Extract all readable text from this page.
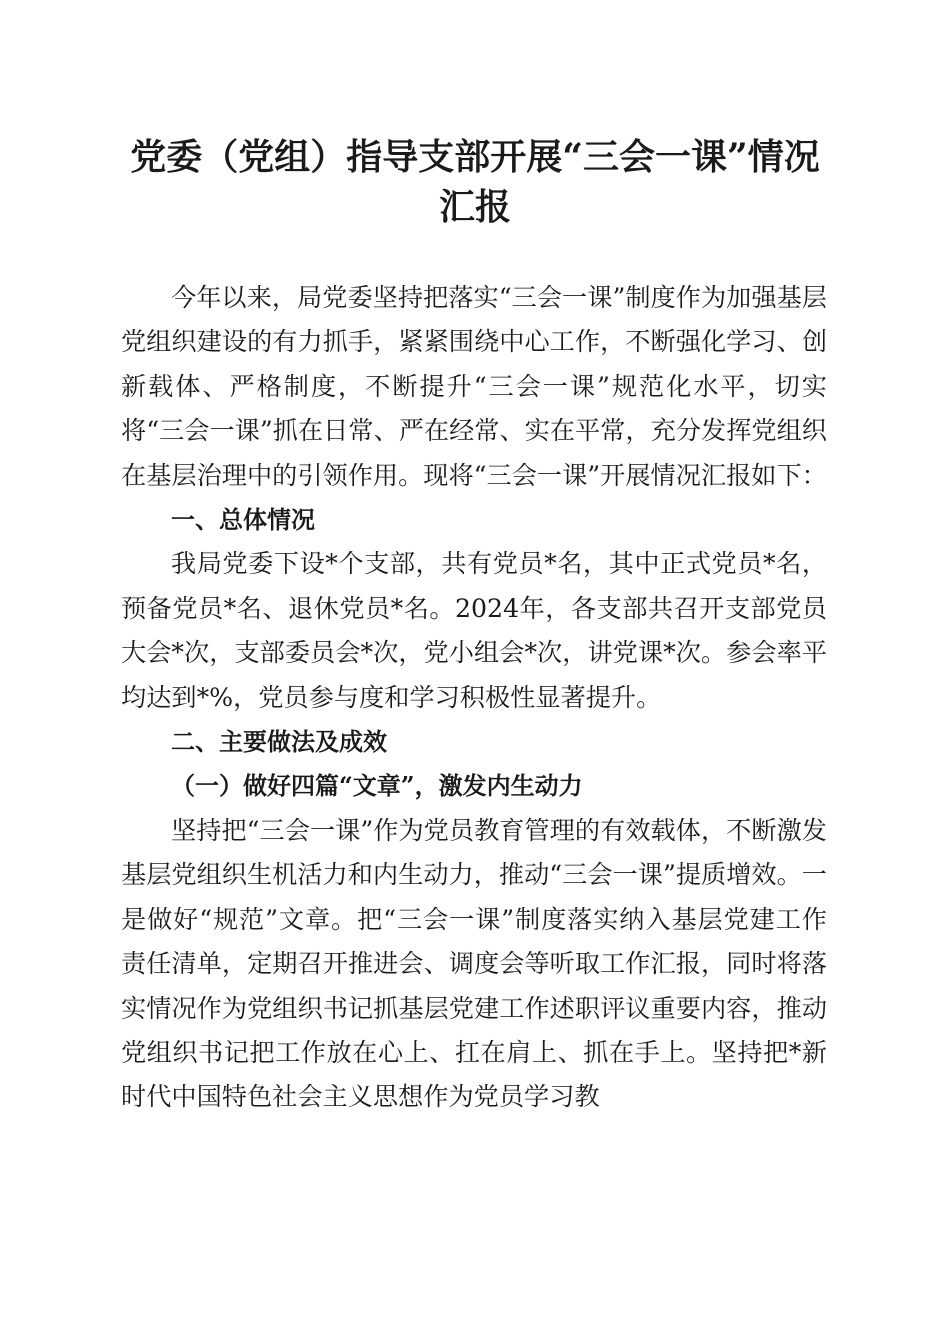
党委（党组）指导支部开展“三会一课”情况
汇报

今年以来，局党委坚持把落实“三会一课”制度作为加强基层党组织建设的有力抓手，紧紧围绕中心工作，不断强化学习、创新载体、严格制度，不断提升“三会一课”规范化水平，切实将“三会一课”抓在日常、严在经常、实在平常，充分发挥党组织在基层治理中的引领作用。现将“三会一课”开展情况汇报如下：

一、总体情况

我局党委下设*个支部，共有党员*名，其中正式党员*名，预备党员*名、退休党员*名。2024年，各支部共召开支部党员大会*次，支部委员会*次，党小组会*次，讲党课*次。参会率平均达到*%，党员参与度和学习积极性显著提升。

二、主要做法及成效

（一）做好四篇“文章”，激发内生动力

坚持把“三会一课”作为党员教育管理的有效载体，不断激发基层党组织生机活力和内生动力，推动“三会一课”提质增效。一是做好“规范”文章。把“三会一课”制度落实纳入基层党建工作责任清单，定期召开推进会、调度会等听取工作汇报，同时将落实情况作为党组织书记抓基层党建工作述职评议重要内容，推动党组织书记把工作放在心上、扛在肩上、抓在手上。坚持把*新时代中国特色社会主义思想作为党员学习教
